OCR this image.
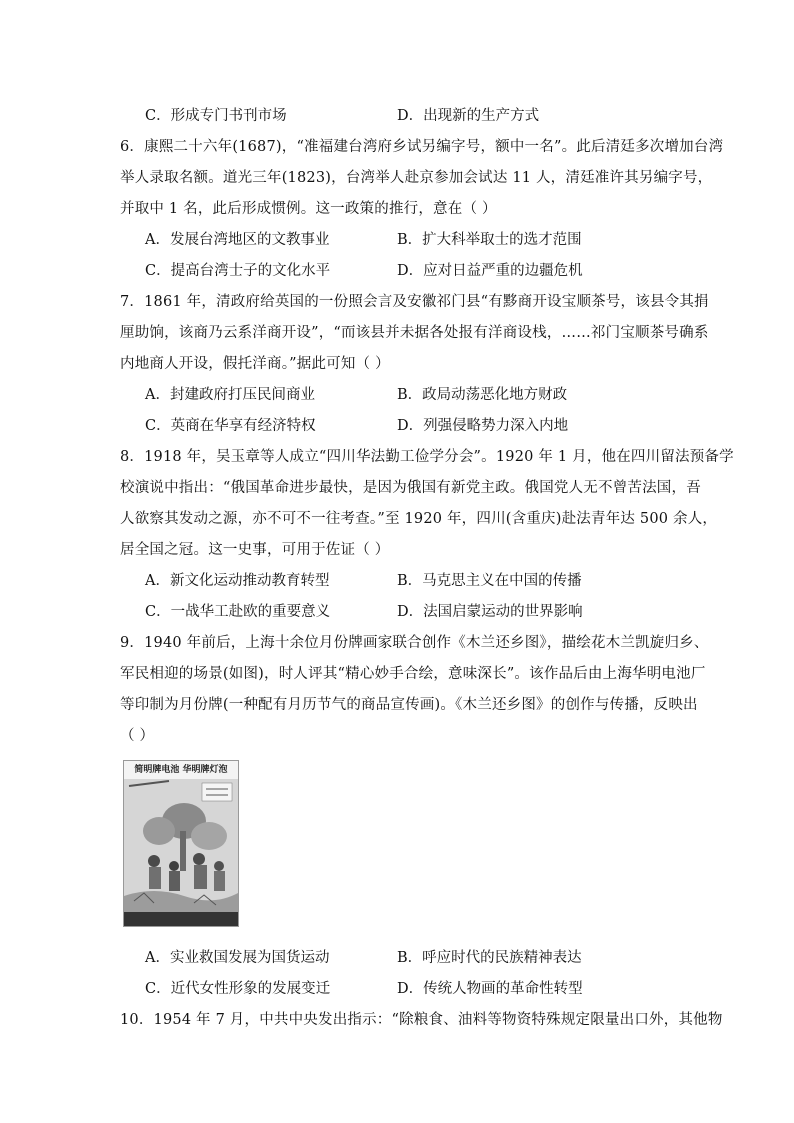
C．形成专门书刊市场	D．出现新的生产方式
6．康熙二十六年(1687)，“准福建台湾府乡试另编字号，额中一名”。此后清廷多次增加台湾
举人录取名额。道光三年(1823)，台湾举人赴京参加会试达 11 人，清廷准许其另编字号，
并取中 1 名，此后形成惯例。这一政策的推行，意在（ ）
A．发展台湾地区的文教事业	B．扩大科举取士的选才范围
C．提高台湾士子的文化水平	D．应对日益严重的边疆危机
7．1861 年，清政府给英国的一份照会言及安徽祁门县“有黟商开设宝顺茶号，该县令其捐
厘助饷，该商乃云系洋商开设”，“而该县并未据各处报有洋商设栈，……祁门宝顺茶号确系
内地商人开设，假托洋商。”据此可知（ ）
A．封建政府打压民间商业	B．政局动荡恶化地方财政
C．英商在华享有经济特权	D．列强侵略势力深入内地
8．1918 年，吴玉章等人成立“四川华法勤工俭学分会”。1920 年 1 月，他在四川留法预备学
校演说中指出：“俄国革命进步最快，是因为俄国有新党主政。俄国党人无不曾苦法国，吾
人欲察其发动之源，亦不可不一往考查。”至 1920 年，四川(含重庆)赴法青年达 500 余人，
居全国之冠。这一史事，可用于佐证（ ）
A．新文化运动推动教育转型	B．马克思主义在中国的传播
C．一战华工赴欧的重要意义	D．法国启蒙运动的世界影响
9．1940 年前后，上海十余位月份牌画家联合创作《木兰还乡图》，描绘花木兰凯旋归乡、
军民相迎的场景(如图)，时人评其“精心妙手合绘，意味深长”。该作品后由上海华明电池厂
等印制为月份牌(一种配有月历节气的商品宣传画)。《木兰还乡图》的创作与传播，反映出
（ ）
简明牌电池 华明牌灯泡
A．实业救国发展为国货运动	B．呼应时代的民族精神表达
C．近代女性形象的发展变迁	D．传统人物画的革命性转型
10．1954 年 7 月，中共中央发出指示：“除粮食、油料等物资特殊规定限量出口外，其他物
